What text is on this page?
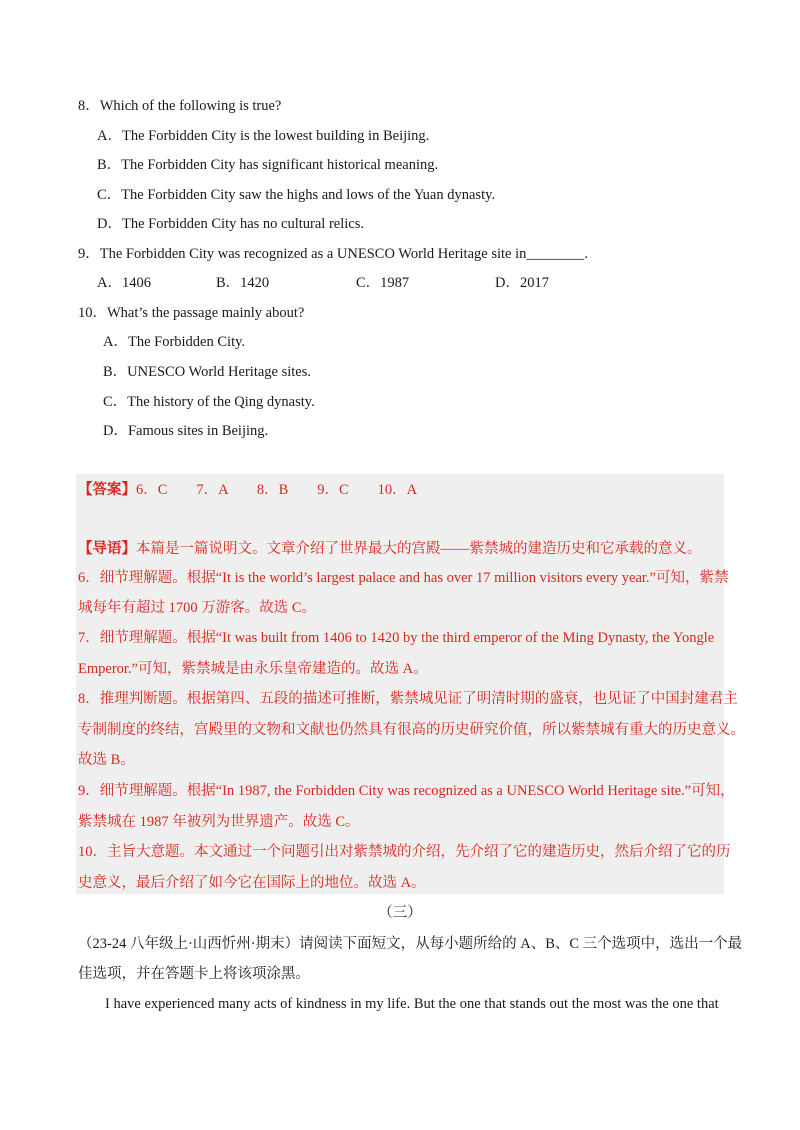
8．Which of the following is true?
A．The Forbidden City is the lowest building in Beijing.
B．The Forbidden City has significant historical meaning.
C．The Forbidden City saw the highs and lows of the Yuan dynasty.
D．The Forbidden City has no cultural relics.
9．The Forbidden City was recognized as a UNESCO World Heritage site in________.
A．1406	B．1420	C．1987	D．2017
10．What’s the passage mainly about?
A．The Forbidden City.
B．UNESCO World Heritage sites.
C．The history of the Qing dynasty.
D．Famous sites in Beijing.
【答案】6．C　　7．A　　8．B　　9．C　　10．A
【导语】本篇是一篇说明文。文章介绍了世界最大的宫殿——紫禁城的建造历史和它承载的意义。
6．细节理解题。根据“It is the world’s largest palace and has over 17 million visitors every year.”可知，紫禁
城每年有超过 1700 万游客。故选 C。
7．细节理解题。根据“It was built from 1406 to 1420 by the third emperor of the Ming Dynasty, the Yongle
Emperor.”可知，紫禁城是由永乐皇帝建造的。故选 A。
8．推理判断题。根据第四、五段的描述可推断，紫禁城见证了明清时期的盛衰，也见证了中国封建君主
专制制度的终结，宫殿里的文物和文献也仍然具有很高的历史研究价值，所以紫禁城有重大的历史意义。
故选 B。
9．细节理解题。根据“In 1987, the Forbidden City was recognized as a UNESCO World Heritage site.”可知，
紫禁城在 1987 年被列为世界遗产。故选 C。
10．主旨大意题。本文通过一个问题引出对紫禁城的介绍，先介绍了它的建造历史，然后介绍了它的历
史意义，最后介绍了如今它在国际上的地位。故选 A。
（三）
（23-24 八年级上·山西忻州·期末）请阅读下面短文，从每小题所给的 A、B、C 三个选项中，选出一个最
佳选项，并在答题卡上将该项涂黑。
I have experienced many acts of kindness in my life. But the one that stands out the most was the one that
